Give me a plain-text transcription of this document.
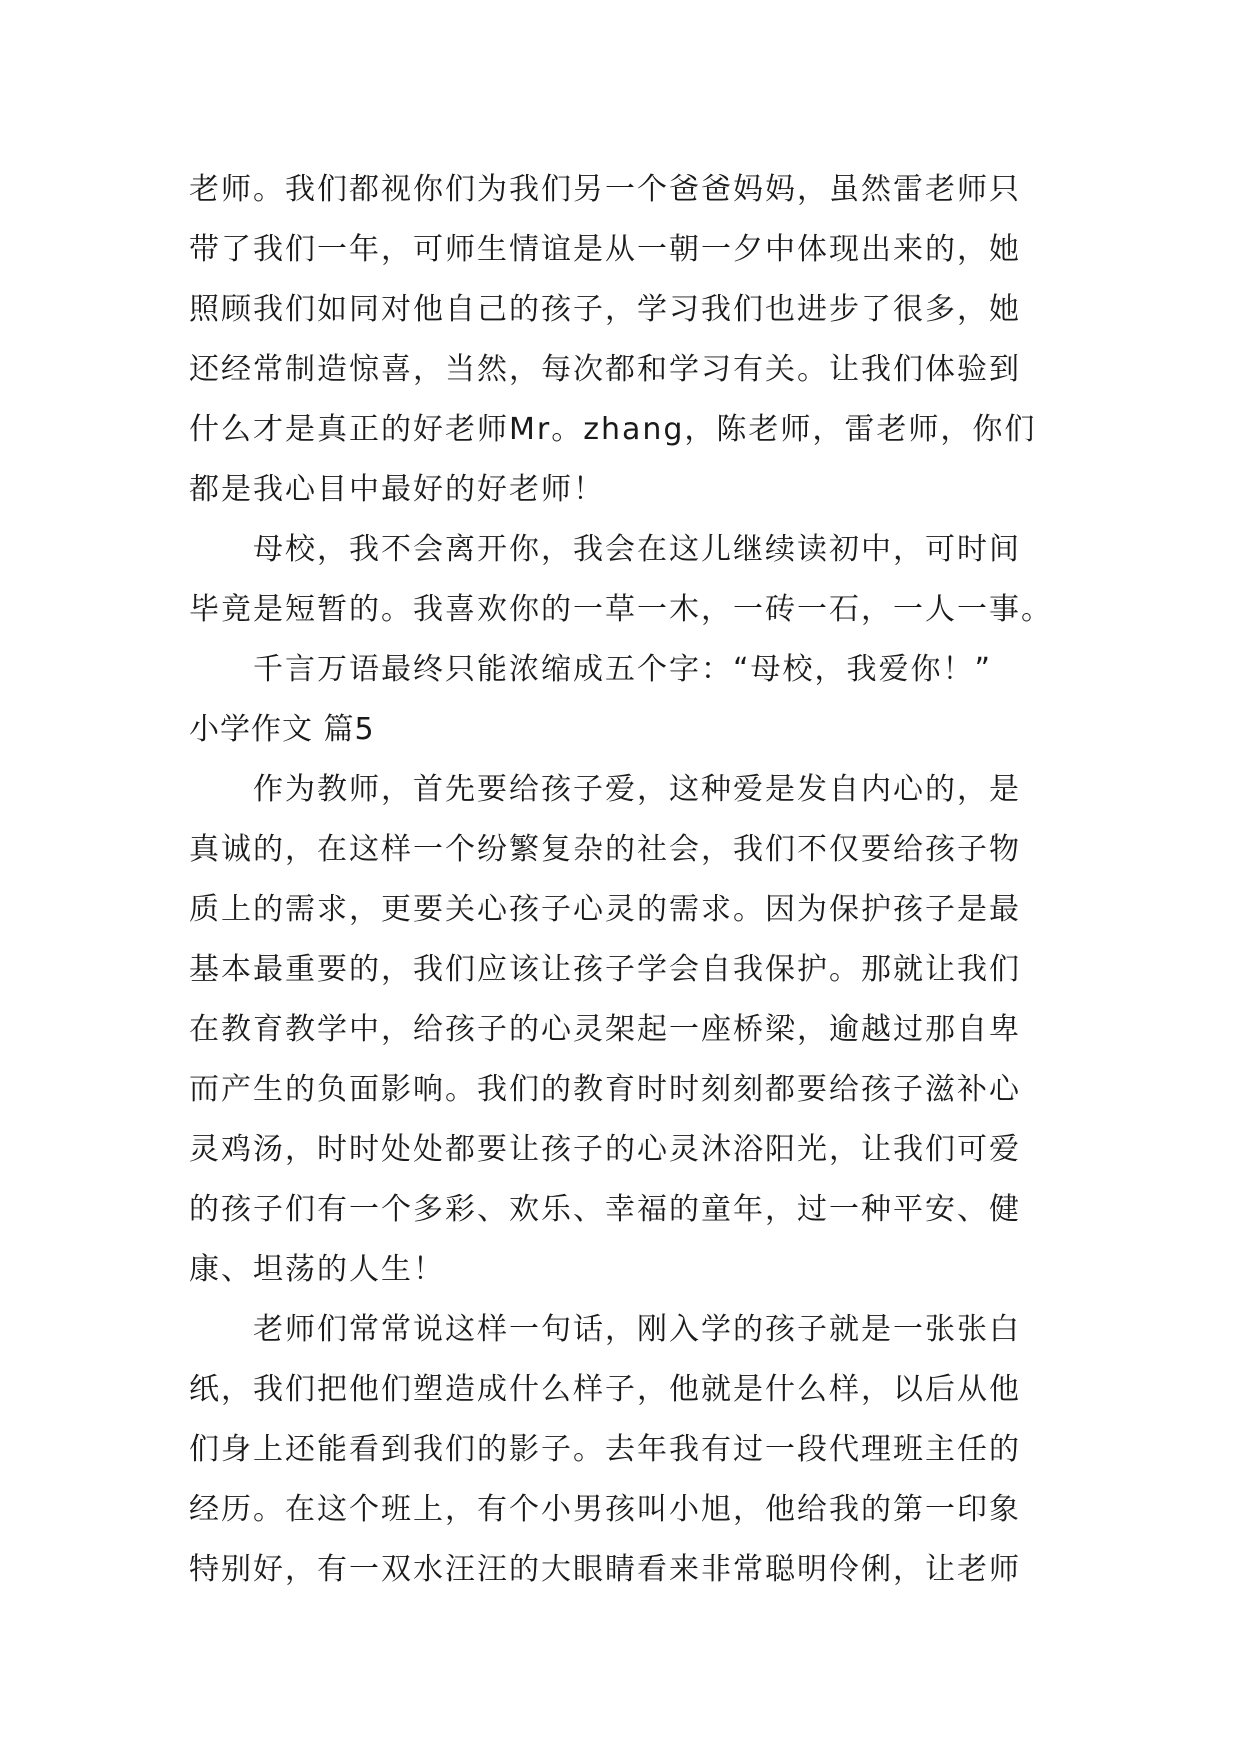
老师。我们都视你们为我们另一个爸爸妈妈，虽然雷老师只
带了我们一年，可师生情谊是从一朝一夕中体现出来的，她
照顾我们如同对他自己的孩子，学习我们也进步了很多，她
还经常制造惊喜，当然，每次都和学习有关。让我们体验到
什么才是真正的好老师Mr。zhang，陈老师，雷老师，你们
都是我心目中最好的好老师！
母校，我不会离开你，我会在这儿继续读初中，可时间
毕竟是短暂的。我喜欢你的一草一木，一砖一石，一人一事。
千言万语最终只能浓缩成五个字：“母校，我爱你！”
小学作文 篇5
作为教师，首先要给孩子爱，这种爱是发自内心的，是
真诚的，在这样一个纷繁复杂的社会，我们不仅要给孩子物
质上的需求，更要关心孩子心灵的需求。因为保护孩子是最
基本最重要的，我们应该让孩子学会自我保护。那就让我们
在教育教学中，给孩子的心灵架起一座桥梁，逾越过那自卑
而产生的负面影响。我们的教育时时刻刻都要给孩子滋补心
灵鸡汤，时时处处都要让孩子的心灵沐浴阳光，让我们可爱
的孩子们有一个多彩、欢乐、幸福的童年，过一种平安、健
康、坦荡的人生！
老师们常常说这样一句话，刚入学的孩子就是一张张白
纸，我们把他们塑造成什么样子，他就是什么样，以后从他
们身上还能看到我们的影子。去年我有过一段代理班主任的
经历。在这个班上，有个小男孩叫小旭，他给我的第一印象
特别好，有一双水汪汪的大眼睛看来非常聪明伶俐，让老师
